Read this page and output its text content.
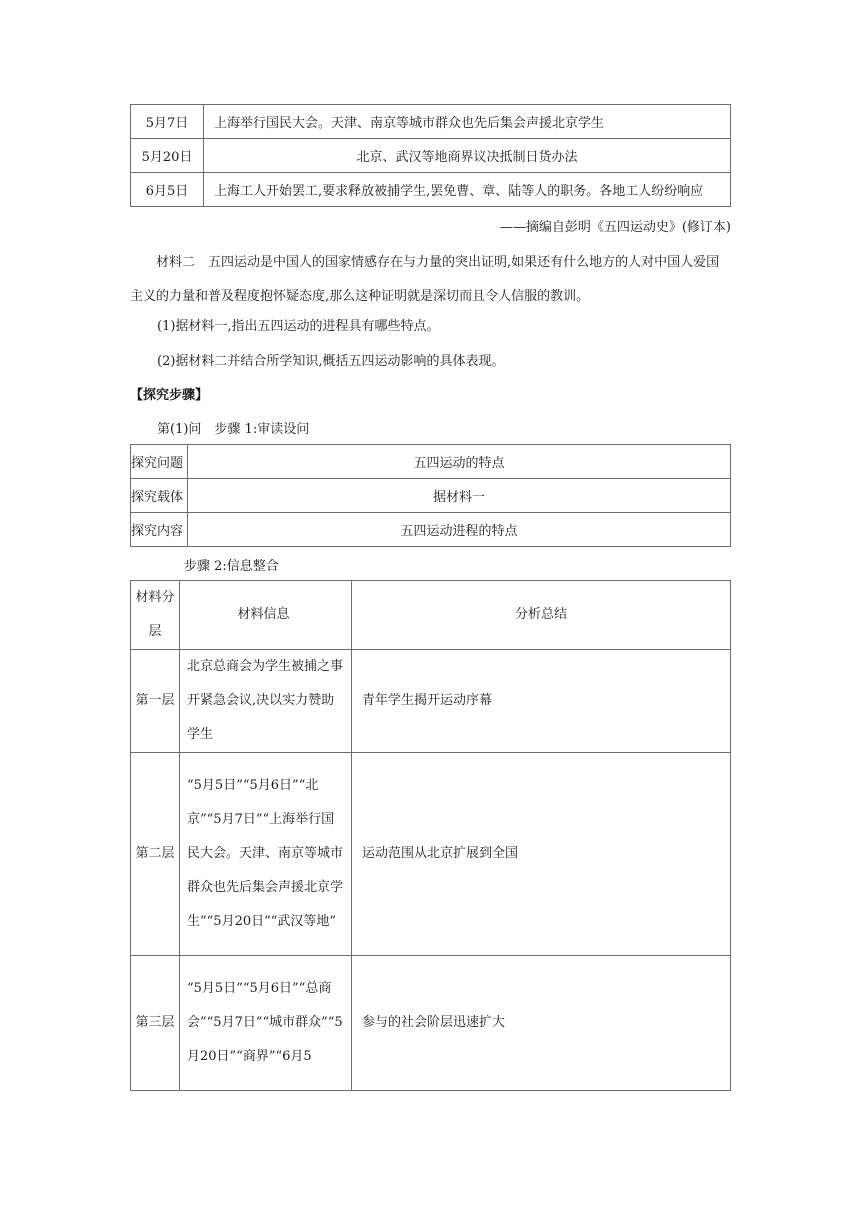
5月7日	上海举行国民大会。天津、南京等城市群众也先后集会声援北京学生
5月20日	北京、武汉等地商界议决抵制日货办法
6月5日	上海工人开始罢工,要求释放被捕学生,罢免曹、章、陆等人的职务。各地工人纷纷响应
——摘编自彭明《五四运动史》(修订本)
材料二　五四运动是中国人的国家情感存在与力量的突出证明,如果还有什么地方的人对中国人爱国主义的力量和普及程度抱怀疑态度,那么这种证明就是深切而且令人信服的教训。
(1)据材料一,指出五四运动的进程具有哪些特点。
(2)据材料二并结合所学知识,概括五四运动影响的具体表现。
【探究步骤】
第(1)问　步骤 1:审读设问
探究问题	五四运动的特点
探究载体	据材料一
探究内容	五四运动进程的特点
步骤 2:信息整合
材料分层	材料信息	分析总结
第一层	北京总商会为学生被捕之事开紧急会议,决以实力赞助学生	青年学生揭开运动序幕
第二层	“5月5日”“5月6日”“北京”“5月7日”“上海举行国民大会。天津、南京等城市群众也先后集会声援北京学生”“5月20日”“武汉等地”	运动范围从北京扩展到全国
第三层	“5月5日”“5月6日”“总商会”“5月7日”“城市群众”“5月20日”“商界”“6月5	参与的社会阶层迅速扩大
